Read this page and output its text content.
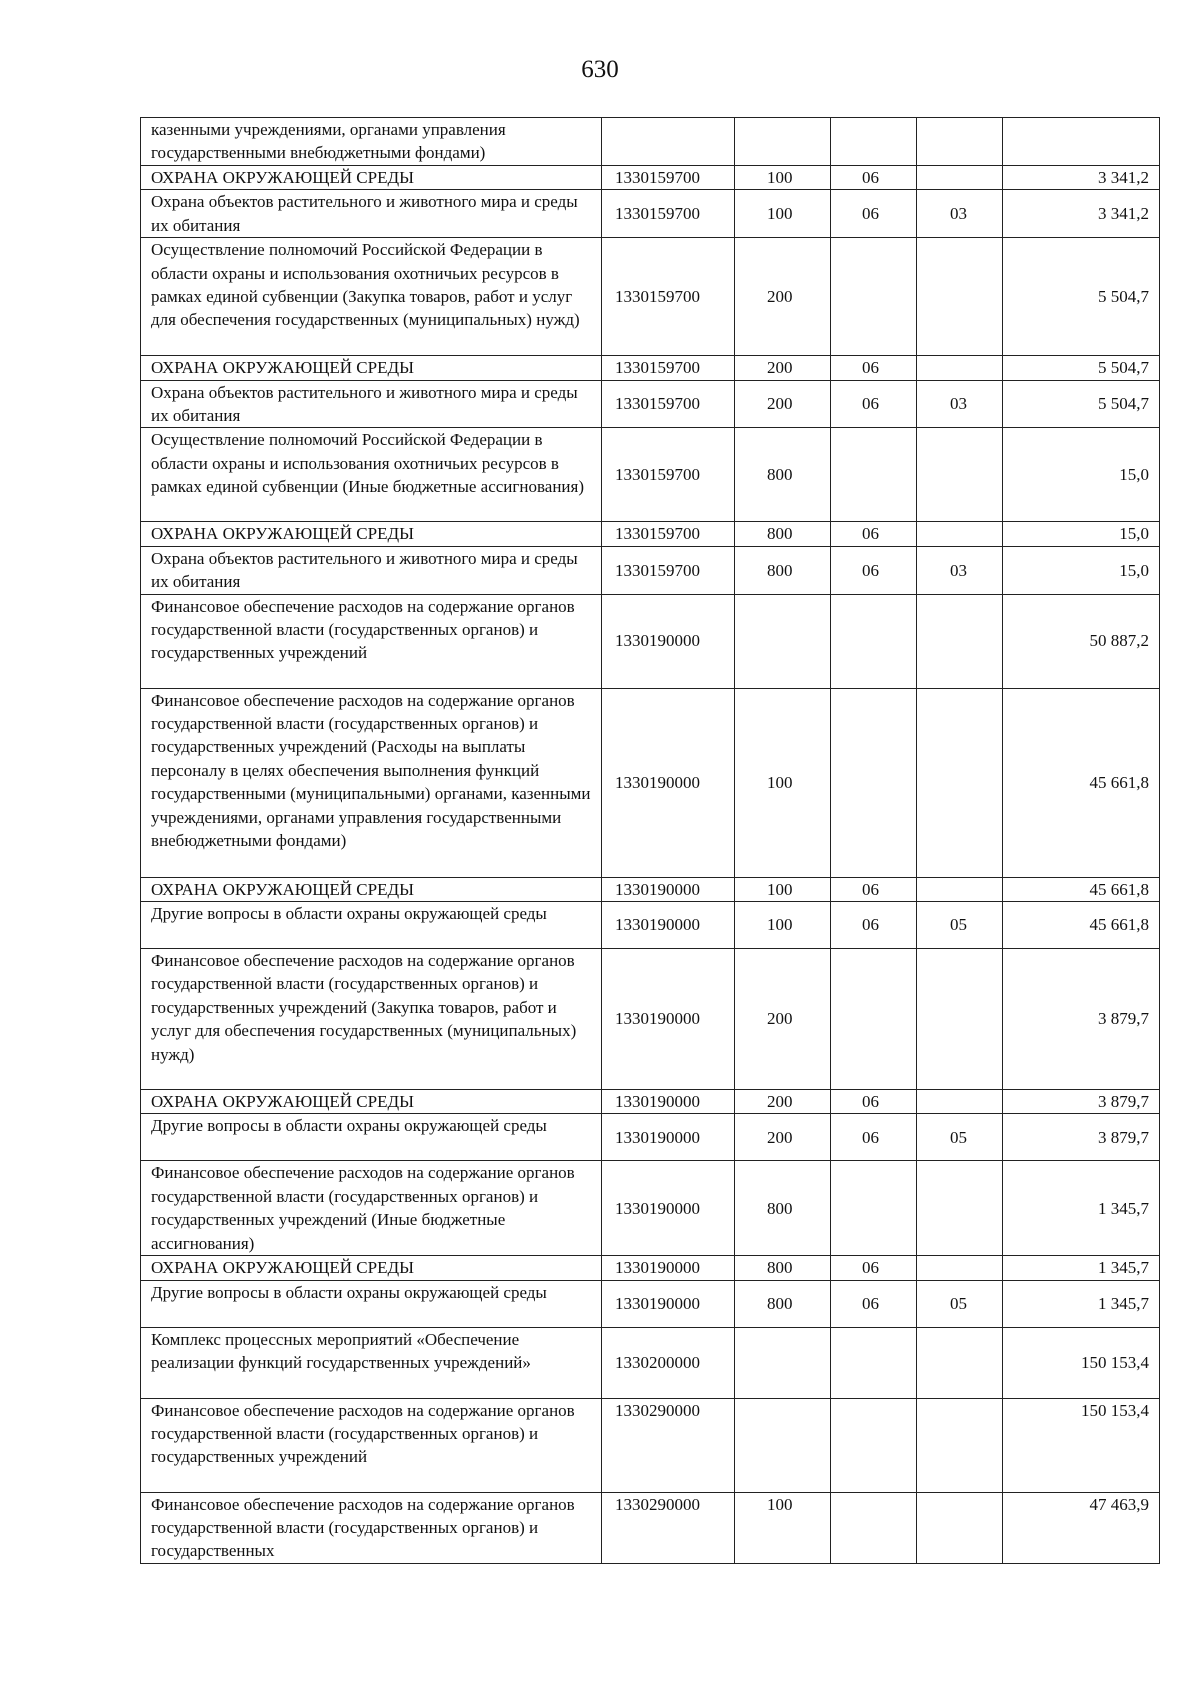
630
казенными учреждениями, органами управления государственными внебюджетными фондами)					
ОХРАНА ОКРУЖАЮЩЕЙ СРЕДЫ	1330159700	100	06		3 341,2
Охрана объектов растительного и животного мира и среды их обитания	1330159700	100	06	03	3 341,2
Осуществление полномочий Российской Федерации в области охраны и использования охотничьих ресурсов в рамках единой субвенции (Закупка товаров, работ и услуг для обеспечения государственных (муниципальных) нужд)	1330159700	200			5 504,7
ОХРАНА ОКРУЖАЮЩЕЙ СРЕДЫ	1330159700	200	06		5 504,7
Охрана объектов растительного и животного мира и среды их обитания	1330159700	200	06	03	5 504,7
Осуществление полномочий Российской Федерации в области охраны и использования охотничьих ресурсов в рамках единой субвенции (Иные бюджетные ассигнования)	1330159700	800			15,0
ОХРАНА ОКРУЖАЮЩЕЙ СРЕДЫ	1330159700	800	06		15,0
Охрана объектов растительного и животного мира и среды их обитания	1330159700	800	06	03	15,0
Финансовое обеспечение расходов на содержание органов государственной власти (государственных органов) и государственных учреждений	1330190000				50 887,2
Финансовое обеспечение расходов на содержание органов государственной власти (государственных органов) и государственных учреждений (Расходы на выплаты персоналу в целях обеспечения выполнения функций государственными (муниципальными) органами, казенными учреждениями, органами управления государственными внебюджетными фондами)	1330190000	100			45 661,8
ОХРАНА ОКРУЖАЮЩЕЙ СРЕДЫ	1330190000	100	06		45 661,8
Другие вопросы в области охраны окружающей среды	1330190000	100	06	05	45 661,8
Финансовое обеспечение расходов на содержание органов государственной власти (государственных органов) и государственных учреждений (Закупка товаров, работ и услуг для обеспечения государственных (муниципальных) нужд)	1330190000	200			3 879,7
ОХРАНА ОКРУЖАЮЩЕЙ СРЕДЫ	1330190000	200	06		3 879,7
Другие вопросы в области охраны окружающей среды	1330190000	200	06	05	3 879,7
Финансовое обеспечение расходов на содержание органов государственной власти (государственных органов) и государственных учреждений (Иные бюджетные ассигнования)	1330190000	800			1 345,7
ОХРАНА ОКРУЖАЮЩЕЙ СРЕДЫ	1330190000	800	06		1 345,7
Другие вопросы в области охраны окружающей среды	1330190000	800	06	05	1 345,7
Комплекс процессных мероприятий «Обеспечение реализации функций государственных учреждений»	1330200000				150 153,4
Финансовое обеспечение расходов на содержание органов государственной власти (государственных органов) и государственных учреждений	1330290000				150 153,4
Финансовое обеспечение расходов на содержание органов государственной власти (государственных органов) и государственных	1330290000	100			47 463,9
